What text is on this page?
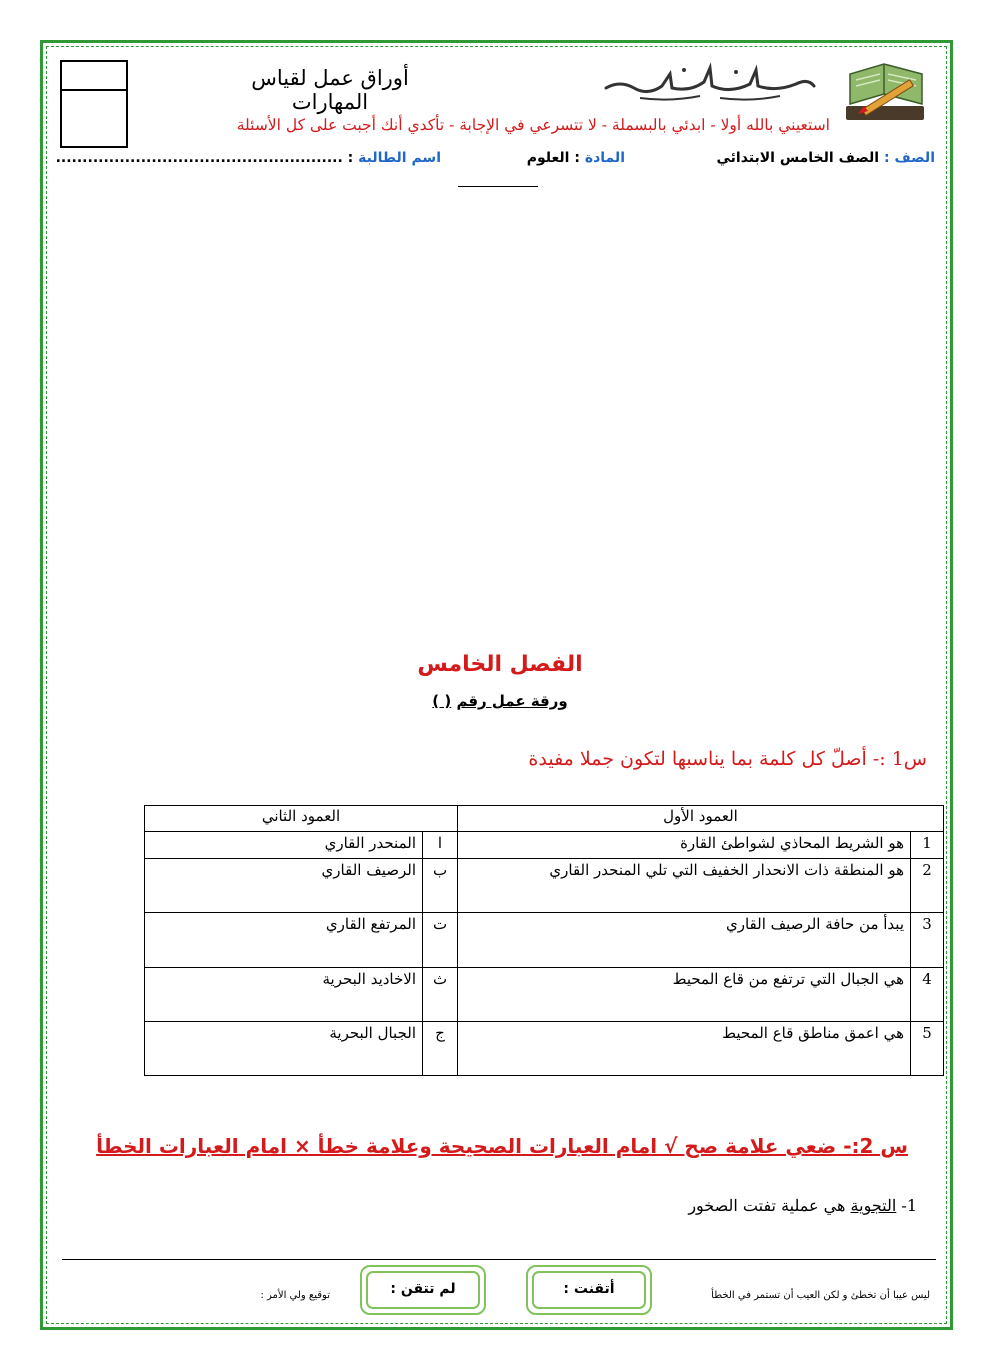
أوراق عمل لقياس المهارات
استعيني بالله أولا - ابدئي بالبسملة - لا تتسرعي في الإجابة - تأكدي أنك أجبت على كل الأسئلة
الصف : الصف الخامس الابتدائي
المادة : العلوم
اسم الطالبة : ......................................................
الفصل الخامس
ورقة عمل رقم ( )
س1 :- أصلّ كل كلمة بما يناسبها لتكون جملا مفيدة
العمود الأول		العمود الثاني	
1	هو الشريط المحاذي لشواطئ القارة	ا	المنحدر القاري
2	هو المنطقة ذات الانحدار الخفيف التي تلي المنحدر القاري	ب	الرصيف القاري
3	يبدأ من حافة الرصيف القاري	ت	المرتفع القاري
4	هي الجبال التي ترتفع من قاع المحيط	ث	الاخاديد البحرية
5	هي اعمق مناطق قاع المحيط	ج	الجبال البحرية
س 2:- ضعي علامة صح √ امام العبارات الصحيحة وعلامة خطأ × امام العبارات الخطأ
1- التجوية هي عملية تفتت الصخور
ليس عيبا أن تخطئ و لكن العيب أن تستمر في الخطأ
أتقنت :
لم تتقن :
توقيع ولي الأمر :
